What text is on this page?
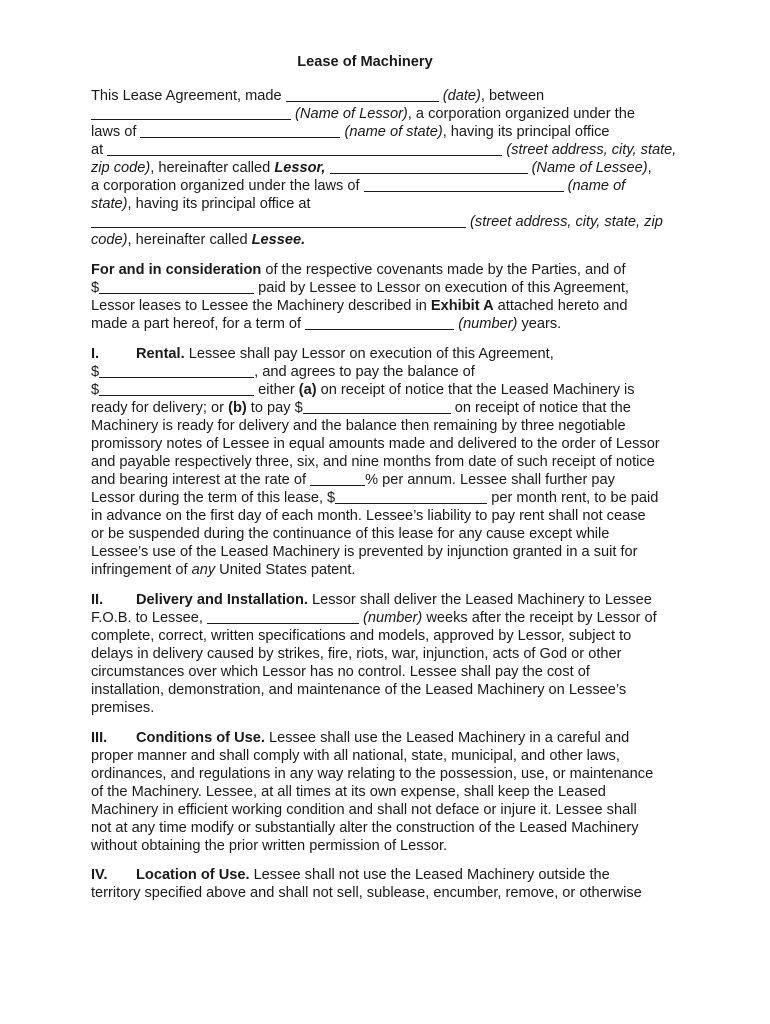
Lease of Machinery
This Lease Agreement, made	(date), between
(Name of Lessor), a corporation organized under the
laws of	(name of state), having its principal office
at	(street address, city, state,
zip code), hereinafter called Lessor,	(Name of Lessee),
a corporation organized under the laws of	(name of
state), having its principal office at
(street address, city, state, zip
code), hereinafter called Lessee.
For and in consideration of the respective covenants made by the Parties, and of
$	paid by Lessee to Lessor on execution of this Agreement,
Lessor leases to Lessee the Machinery described in Exhibit A attached hereto and
made a part hereof, for a term of	(number) years.
I.	Rental. Lessee shall pay Lessor on execution of this Agreement,
$	, and agrees to pay the balance of
$	either (a) on receipt of notice that the Leased Machinery is
ready for delivery; or (b) to pay $	on receipt of notice that the
Machinery is ready for delivery and the balance then remaining by three negotiable
promissory notes of Lessee in equal amounts made and delivered to the order of Lessor
and payable respectively three, six, and nine months from date of such receipt of notice
and bearing interest at the rate of	% per annum. Lessee shall further pay
Lessor during the term of this lease, $	per month rent, to be paid
in advance on the first day of each month. Lessee’s liability to pay rent shall not cease
or be suspended during the continuance of this lease for any cause except while
Lessee’s use of the Leased Machinery is prevented by injunction granted in a suit for
infringement of any United States patent.
II. Delivery and Installation. Lessor shall deliver the Leased Machinery to Lessee
F.O.B. to Lessee,	(number) weeks after the receipt by Lessor of
complete, correct, written specifications and models, approved by Lessor, subject to
delays in delivery caused by strikes, fire, riots, war, injunction, acts of God or other
circumstances over which Lessor has no control. Lessee shall pay the cost of
installation, demonstration, and maintenance of the Leased Machinery on Lessee’s
premises.
III. Conditions of Use. Lessee shall use the Leased Machinery in a careful and
proper manner and shall comply with all national, state, municipal, and other laws,
ordinances, and regulations in any way relating to the possession, use, or maintenance
of the Machinery. Lessee, at all times at its own expense, shall keep the Leased
Machinery in efficient working condition and shall not deface or injure it. Lessee shall
not at any time modify or substantially alter the construction of the Leased Machinery
without obtaining the prior written permission of Lessor.
IV. Location of Use. Lessee shall not use the Leased Machinery outside the
territory specified above and shall not sell, sublease, encumber, remove, or otherwise
